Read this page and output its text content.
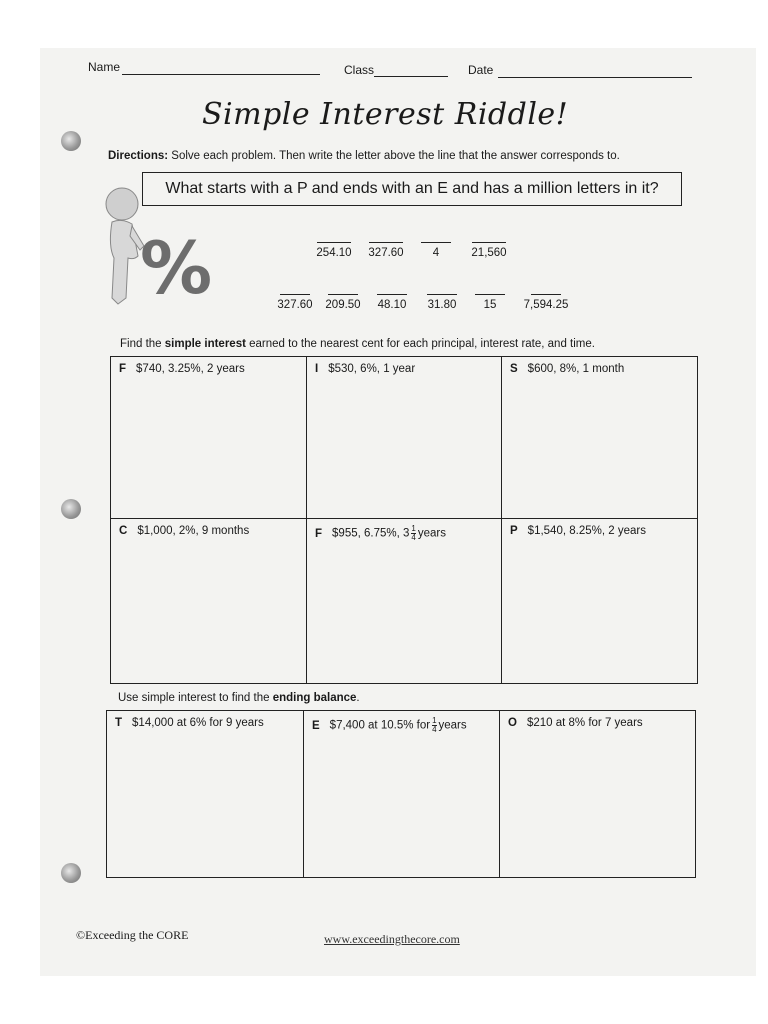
Name	Class	Date
Simple Interest Riddle!
Directions: Solve each problem. Then write the letter above the line that the answer corresponds to.
What starts with a P and ends with an E and has a million letters in it?
%	254.10	327.60	4	21,560
327.60	209.50	48.10	31.80	15	7,594.25
Find the simple interest earned to the nearest cent for each principal, interest rate, and time.
F $740, 3.25%, 2 years	I $530, 6%, 1 year	S $600, 8%, 1 month
C $1,000, 2%, 9 months	F $955, 6.75%, $3 \frac{1}{4}$ years	P $1,540, 8.25%, 2 years
Use simple interest to find the ending balance.
T $14,000 at 6% for 9 years	E $7,400 at 10.5% for $\frac{1}{4}$ years	O $210 at 8% for 7 years
©Exceeding the CORE	www.exceedingthecore.com
